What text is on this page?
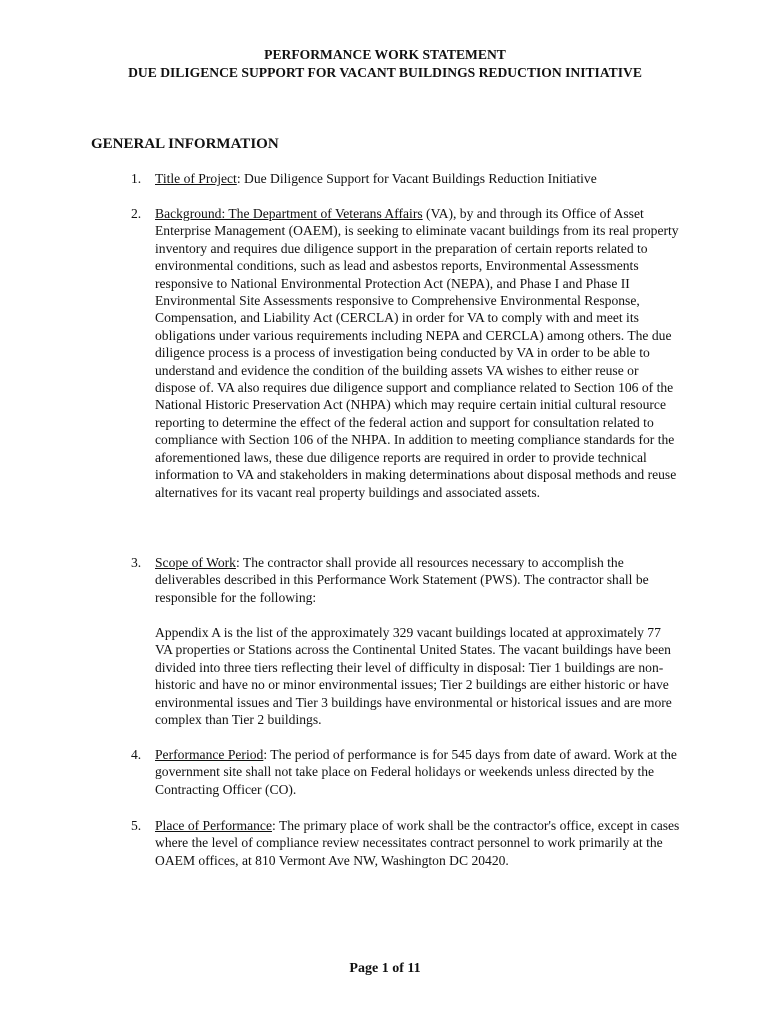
PERFORMANCE WORK STATEMENT
DUE DILIGENCE SUPPORT FOR VACANT BUILDINGS REDUCTION INITIATIVE
GENERAL INFORMATION
1. Title of Project: Due Diligence Support for Vacant Buildings Reduction Initiative

2. Background: The Department of Veterans Affairs (VA), by and through its Office of Asset Enterprise Management (OAEM), is seeking to eliminate vacant buildings from its real property inventory and requires due diligence support in the preparation of certain reports related to environmental conditions, such as lead and asbestos reports, Environmental Assessments responsive to National Environmental Protection Act (NEPA), and Phase I and Phase II Environmental Site Assessments responsive to Comprehensive Environmental Response, Compensation, and Liability Act (CERCLA) in order for VA to comply with and meet its obligations under various requirements including NEPA and CERCLA) among others. The due diligence process is a process of investigation being conducted by VA in order to be able to understand and evidence the condition of the building assets VA wishes to either reuse or dispose of. VA also requires due diligence support and compliance related to Section 106 of the National Historic Preservation Act (NHPA) which may require certain initial cultural resource reporting to determine the effect of the federal action and support for consultation related to compliance with Section 106 of the NHPA. In addition to meeting compliance standards for the aforementioned laws, these due diligence reports are required in order to provide technical information to VA and stakeholders in making determinations about disposal methods and reuse alternatives for its vacant real property buildings and associated assets.

3. Scope of Work: The contractor shall provide all resources necessary to accomplish the deliverables described in this Performance Work Statement (PWS). The contractor shall be responsible for the following:

Appendix A is the list of the approximately 329 vacant buildings located at approximately 77 VA properties or Stations across the Continental United States. The vacant buildings have been divided into three tiers reflecting their level of difficulty in disposal: Tier 1 buildings are non-historic and have no or minor environmental issues; Tier 2 buildings are either historic or have environmental issues and Tier 3 buildings have environmental or historical issues and are more complex than Tier 2 buildings.

4. Performance Period: The period of performance is for 545 days from date of award. Work at the government site shall not take place on Federal holidays or weekends unless directed by the Contracting Officer (CO).

5. Place of Performance: The primary place of work shall be the contractor's office, except in cases where the level of compliance review necessitates contract personnel to work primarily at the OAEM offices, at 810 Vermont Ave NW, Washington DC 20420.

Page 1 of 11
